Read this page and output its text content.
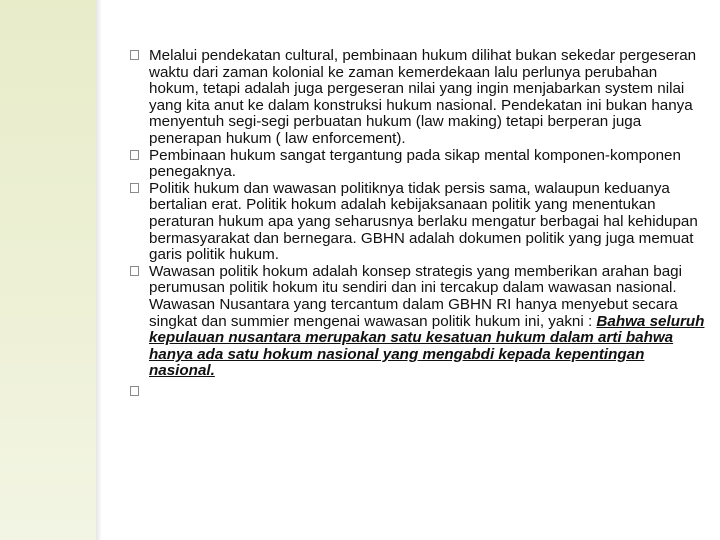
Melalui pendekatan cultural, pembinaan hukum dilihat bukan sekedar pergeseran waktu dari zaman kolonial ke zaman kemerdekaan lalu perlunya perubahan hokum, tetapi adalah juga pergeseran nilai yang ingin menjabarkan system nilai yang kita anut ke dalam konstruksi hukum nasional. Pendekatan ini bukan hanya menyentuh segi-segi perbuatan hukum (law making) tetapi berperan juga penerapan hukum ( law enforcement).

Pembinaan hukum sangat tergantung pada sikap mental komponen-komponen penegaknya.

Politik hukum dan wawasan politiknya tidak persis sama, walaupun keduanya bertalian erat. Politik hokum adalah kebijaksanaan politik yang menentukan peraturan hukum apa yang seharusnya berlaku mengatur berbagai hal kehidupan bermasyarakat dan bernegara. GBHN adalah dokumen politik yang juga memuat garis politik hukum.

Wawasan politik hokum adalah konsep strategis yang memberikan arahan bagi perumusan politik hokum itu sendiri dan ini tercakup dalam wawasan nasional. Wawasan Nusantara yang tercantum dalam GBHN RI hanya menyebut secara singkat dan summier mengenai wawasan politik hukum ini, yakni : Bahwa seluruh kepulauan nusantara merupakan satu kesatuan hukum dalam arti bahwa hanya ada satu hokum nasional yang mengabdi kepada kepentingan nasional.
